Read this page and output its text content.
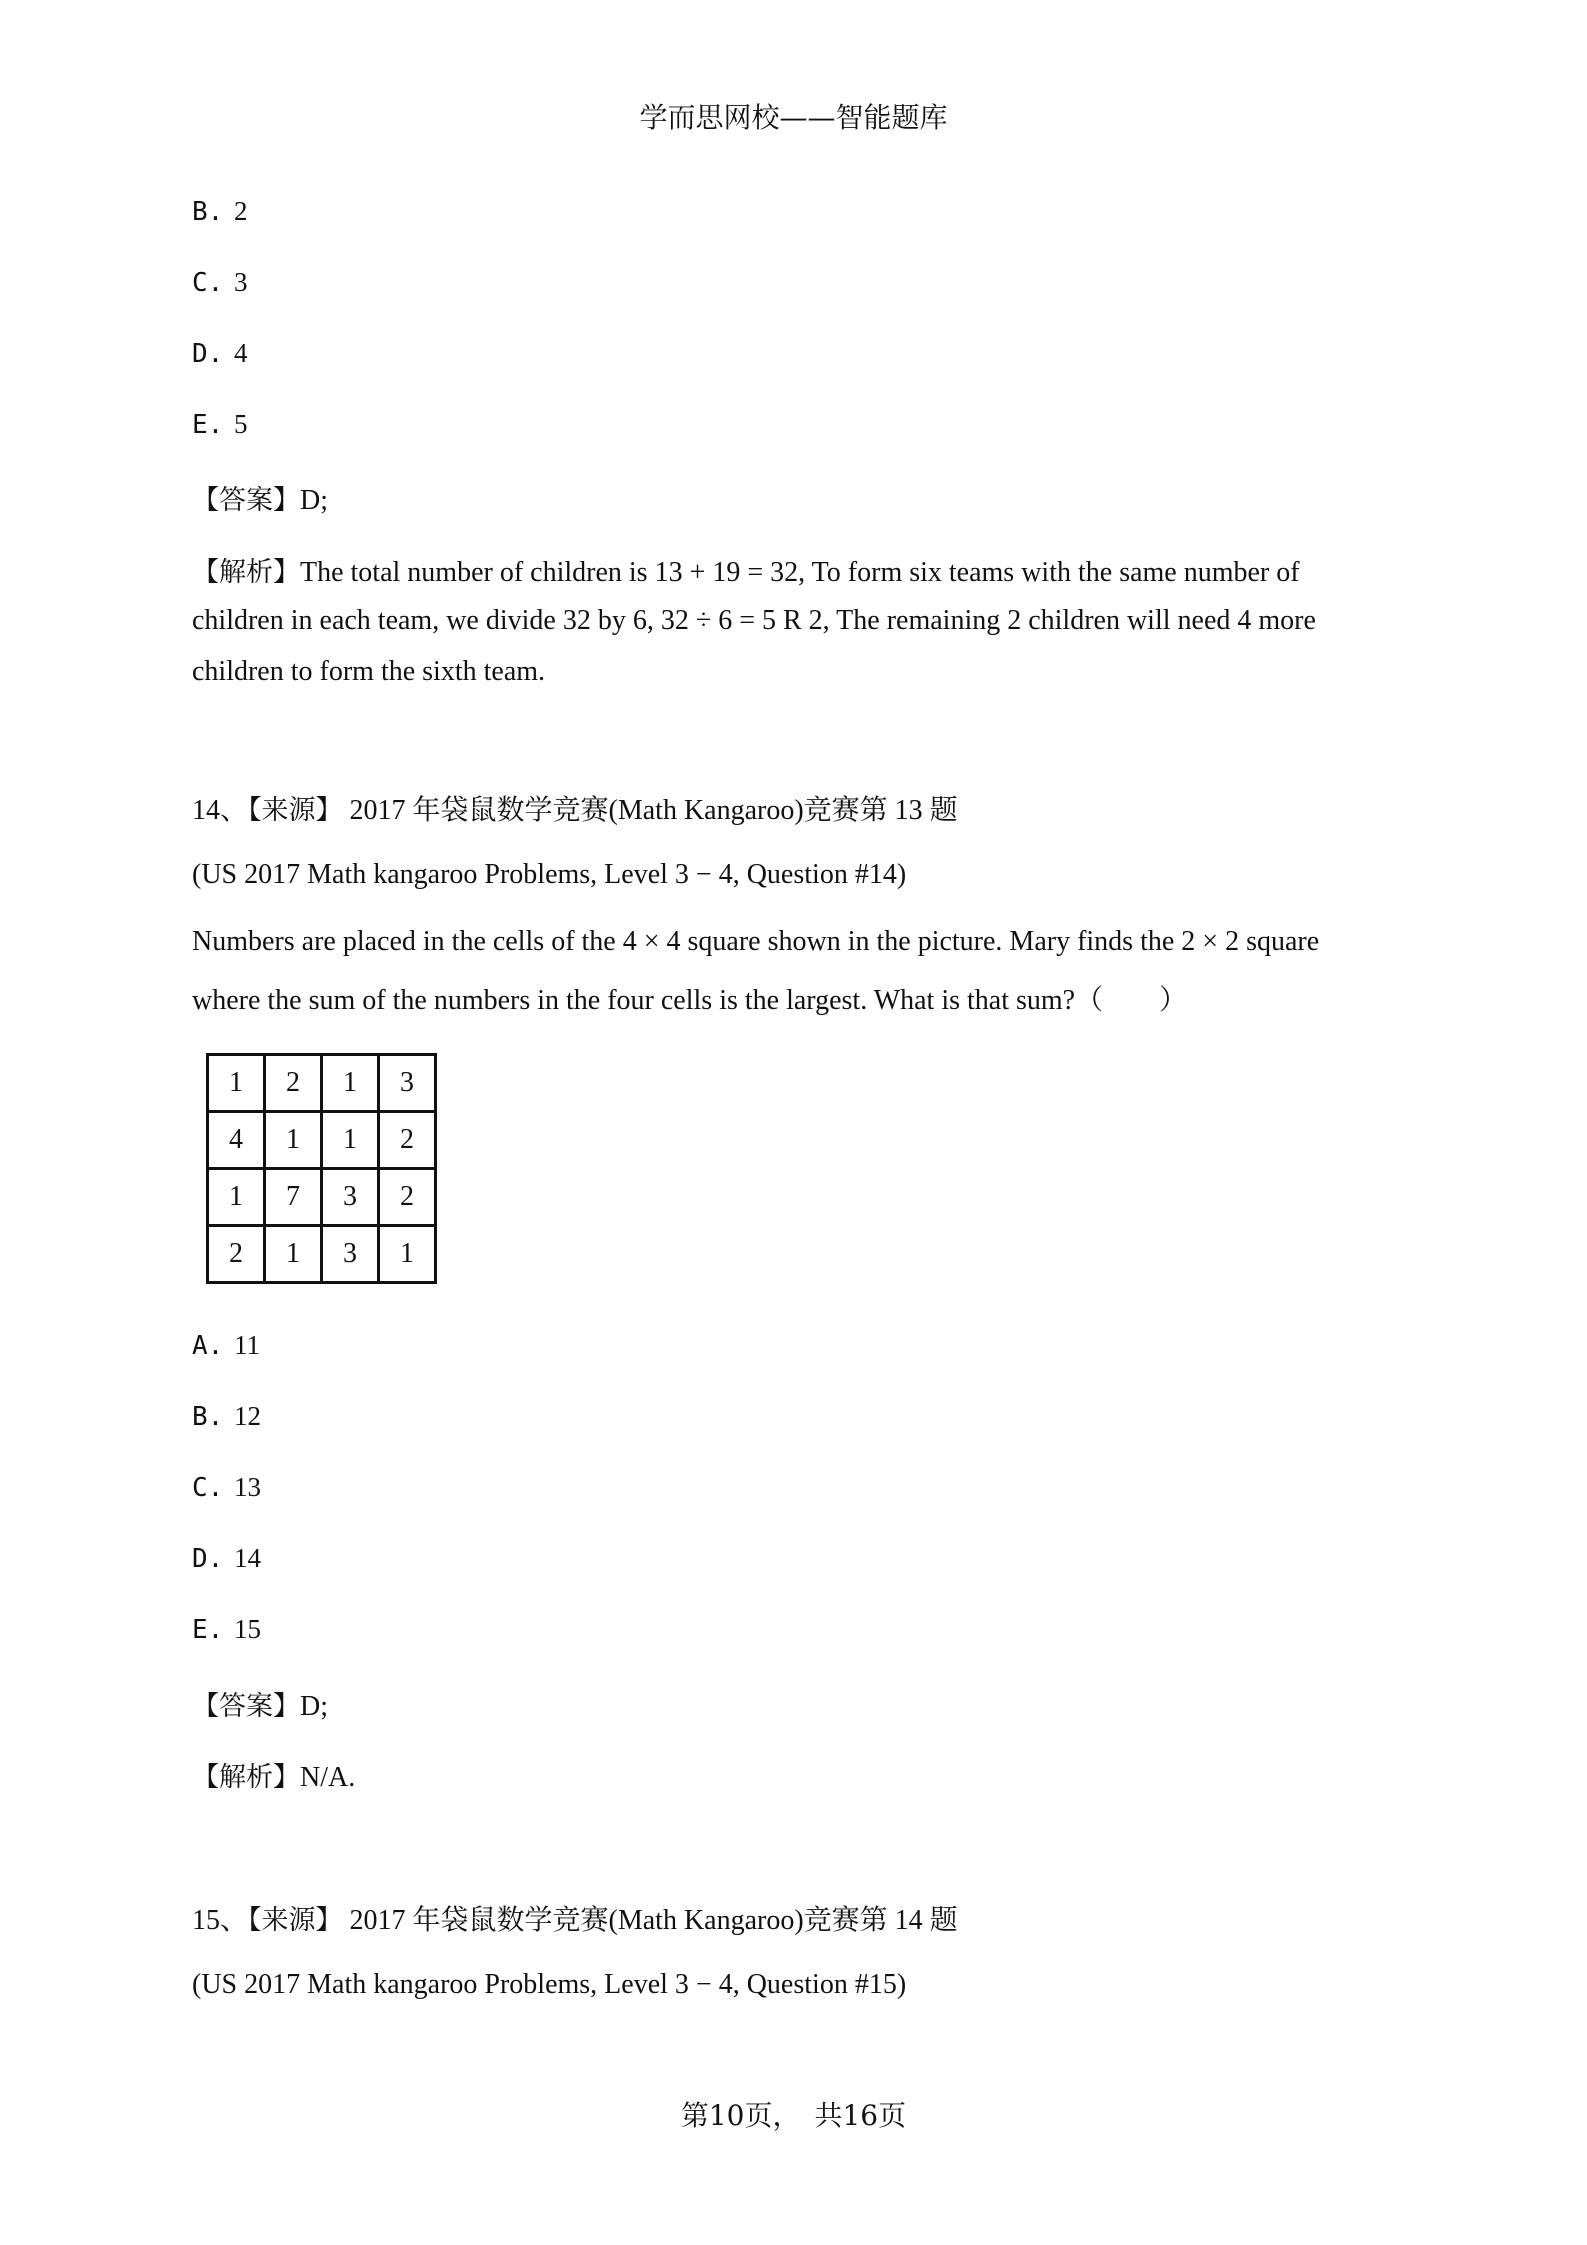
学而思网校——智能题库
B. 2
C. 3
D. 4
E. 5
【答案】D;
【解析】The total number of children is 13 + 19 = 32, To form six teams with the same number of
children in each team, we divide 32 by 6, 32 ÷ 6 = 5 R 2, The remaining 2 children will need 4 more
children to form the sixth team.
14、【来源】 2017 年袋鼠数学竞赛(Math Kangaroo)竞赛第 13 题
(US 2017 Math kangaroo Problems, Level 3 − 4, Question #14)
Numbers are placed in the cells of the 4 × 4 square shown in the picture. Mary finds the 2 × 2 square
where the sum of the numbers in the four cells is the largest. What is that sum?（　　）
1	2	1	3
4	1	1	2
1	7	3	2
2	1	3	1
A. 11
B. 12
C. 13
D. 14
E. 15
【答案】D;
【解析】N/A.
15、【来源】 2017 年袋鼠数学竞赛(Math Kangaroo)竞赛第 14 题
(US 2017 Math kangaroo Problems, Level 3 − 4, Question #15)
第10页，　共16页
